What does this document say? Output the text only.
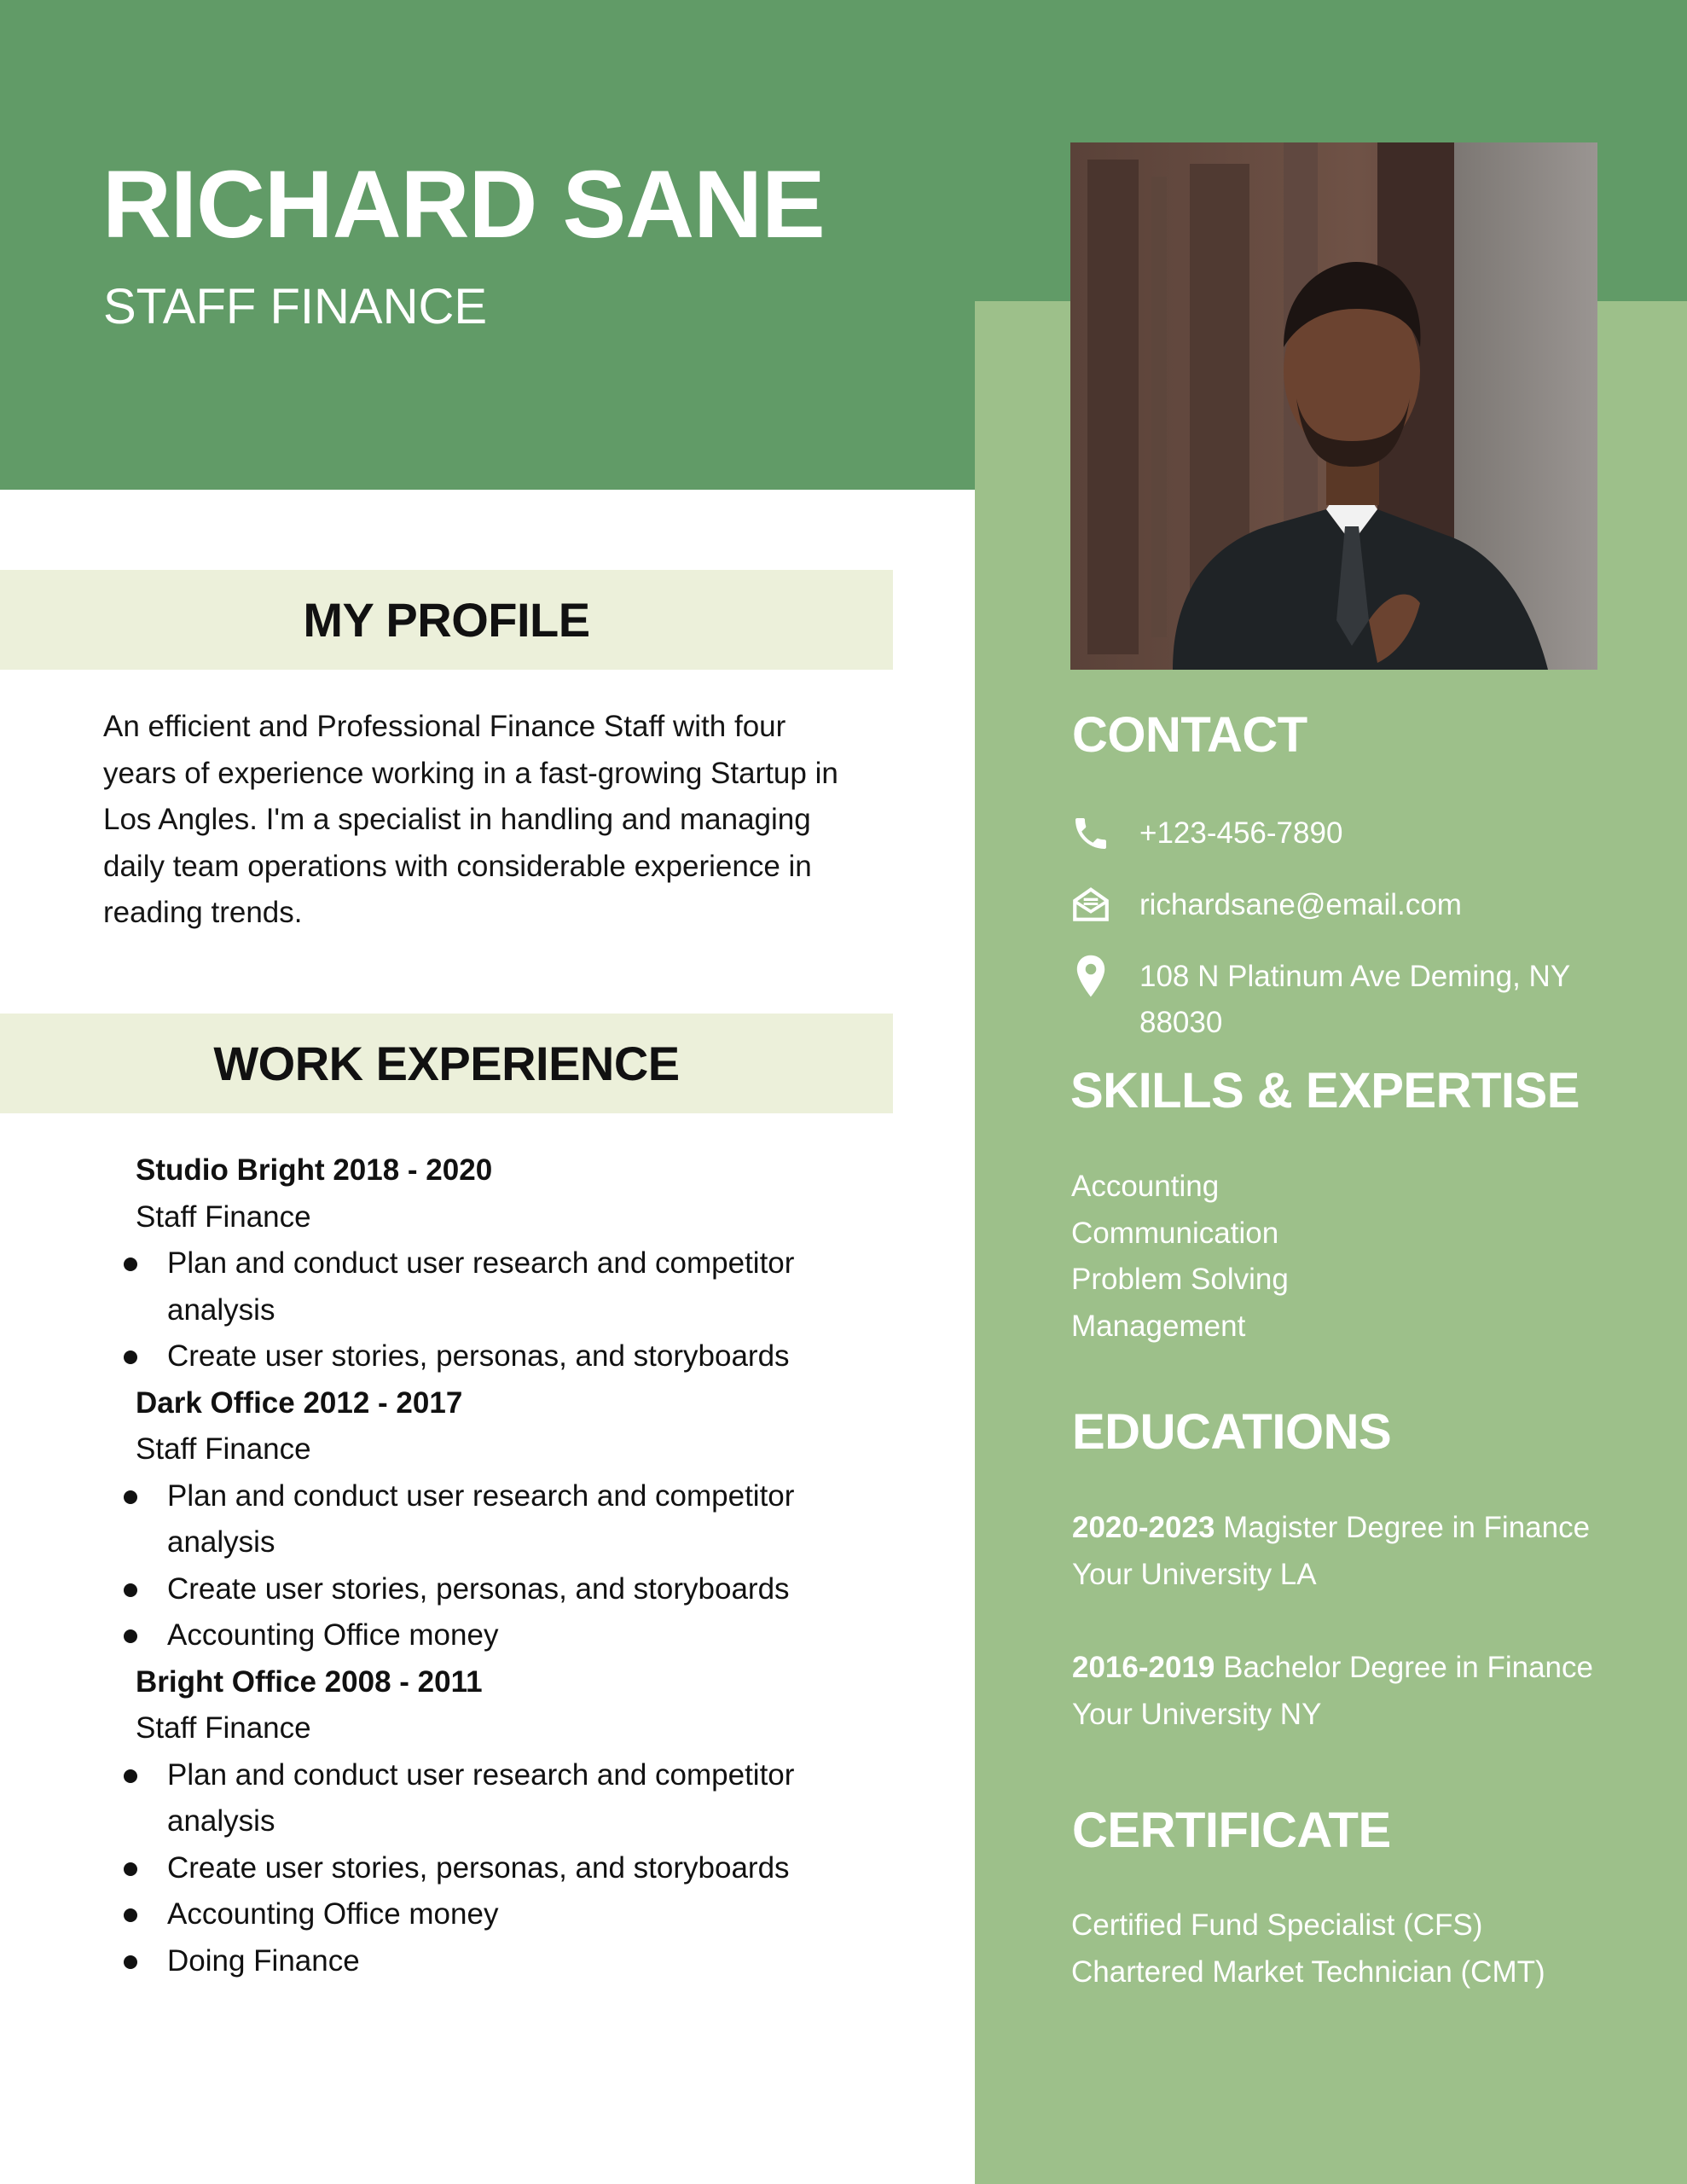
RICHARD SANE

STAFF FINANCE

MY PROFILE

An efficient and Professional Finance Staff with four years of experience working in a fast-growing Startup in Los Angles. I'm a specialist in handling and managing daily team operations with considerable experience in reading trends.

WORK EXPERIENCE

Studio Bright 2018 - 2020

Staff Finance

Plan and conduct user research and competitor analysis
Create user stories, personas, and storyboards

Dark Office 2012 - 2017

Staff Finance

Plan and conduct user research and competitor analysis
Create user stories, personas, and storyboards
Accounting Office money

Bright Office 2008 - 2011

Staff Finance

Plan and conduct user research and competitor analysis
Create user stories, personas, and storyboards
Accounting Office money
Doing Finance
CONTACT
+123-456-7890
richardsane@email.com
108 N Platinum Ave Deming, NY 88030
SKILLS & EXPERTISE
Accounting
Communication
Problem Solving
Management
EDUCATIONS

2020-2023 Magister Degree in Finance

Your University LA

2016-2019 Bachelor Degree in Finance

Your University NY

CERTIFICATE
Certified Fund Specialist (CFS)
Chartered Market Technician (CMT)
